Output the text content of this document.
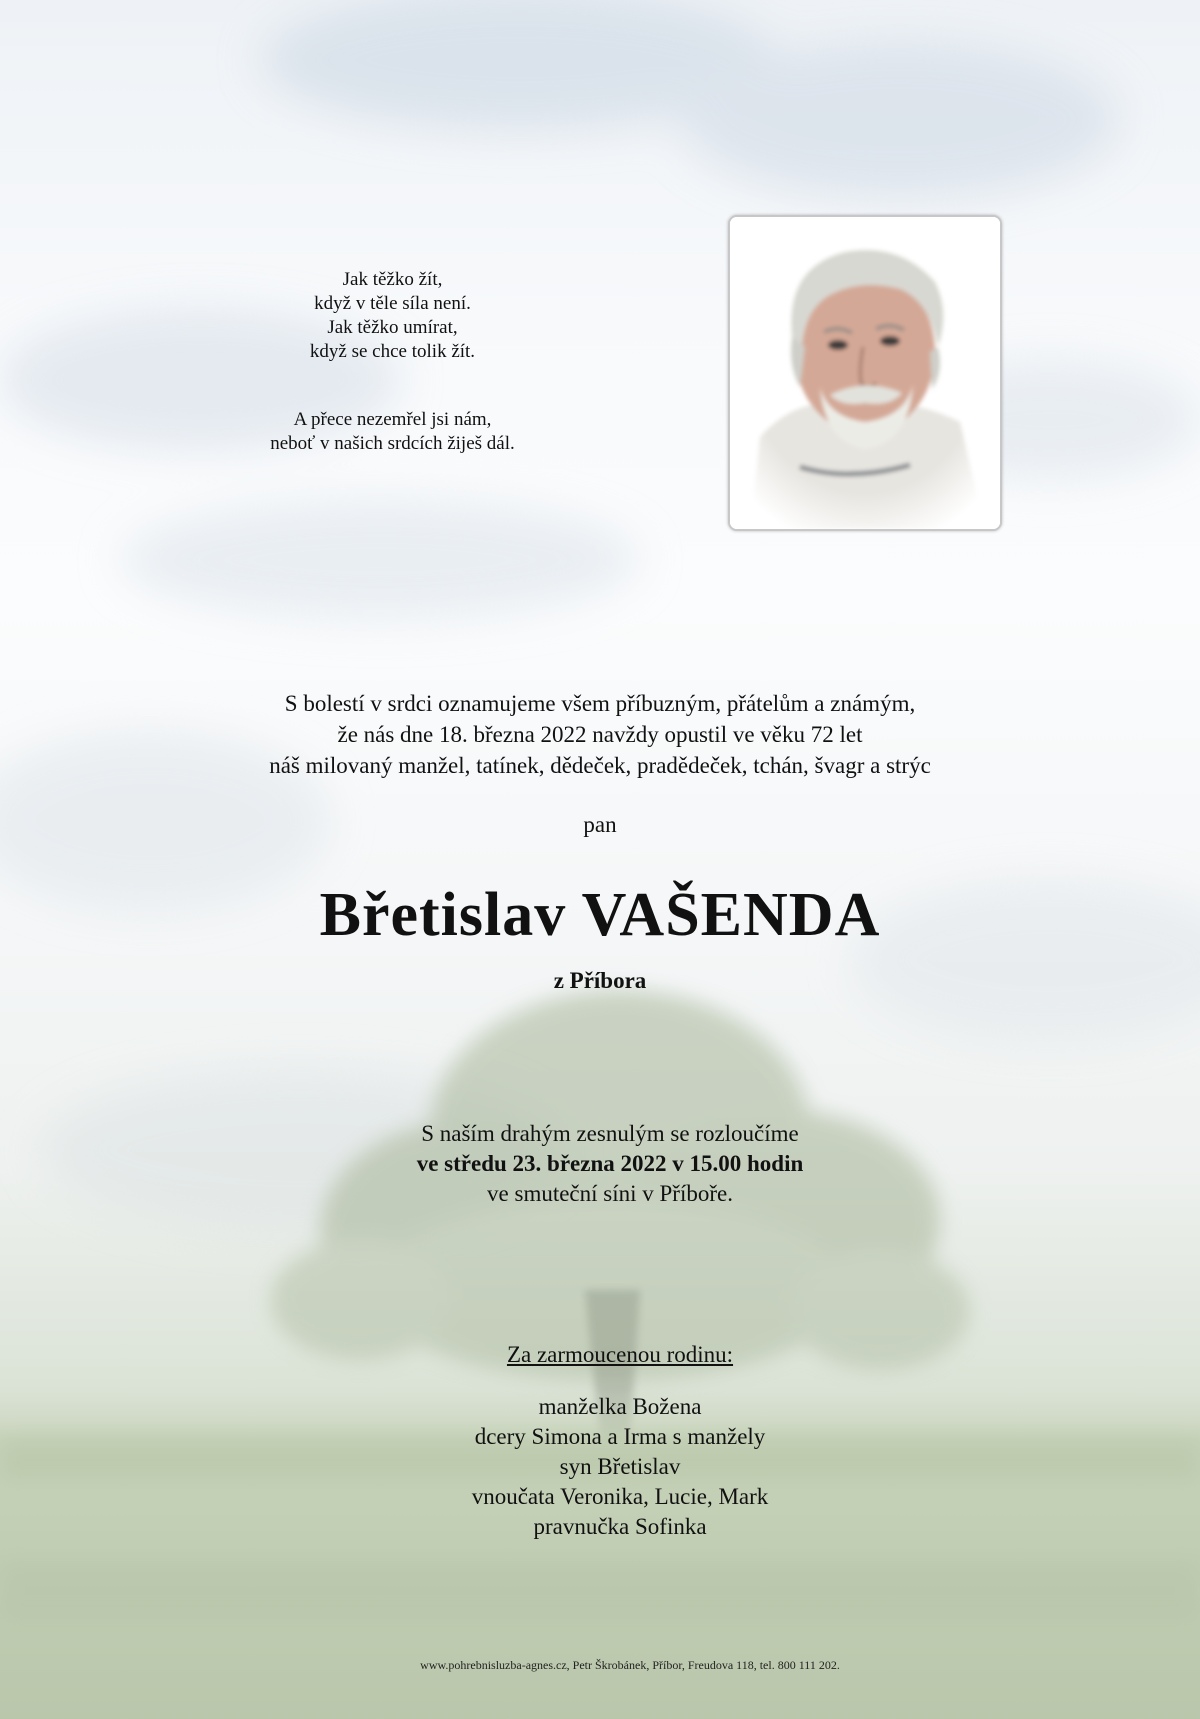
Jak těžko žít,
když v těle síla není.
Jak těžko umírat,
když se chce tolik žít.
A přece nezemřel jsi nám,
neboť v našich srdcích žiješ dál.
S bolestí v srdci oznamujeme všem příbuzným, přátelům a známým,
že nás dne 18. března 2022 navždy opustil ve věku 72 let
náš milovaný manžel, tatínek, dědeček, pradědeček, tchán, švagr a strýc
pan
Břetislav VAŠENDA
z Příbora
S naším drahým zesnulým se rozloučíme
ve středu 23. března 2022 v 15.00 hodin
ve smuteční síni v Příboře.
Za zarmoucenou rodinu:
manželka Božena
dcery Simona a Irma s manžely
syn Břetislav
vnoučata Veronika, Lucie, Mark
pravnučka Sofinka
www.pohrebnisluzba-agnes.cz, Petr Škrobánek, Příbor, Freudova 118, tel. 800 111 202.
